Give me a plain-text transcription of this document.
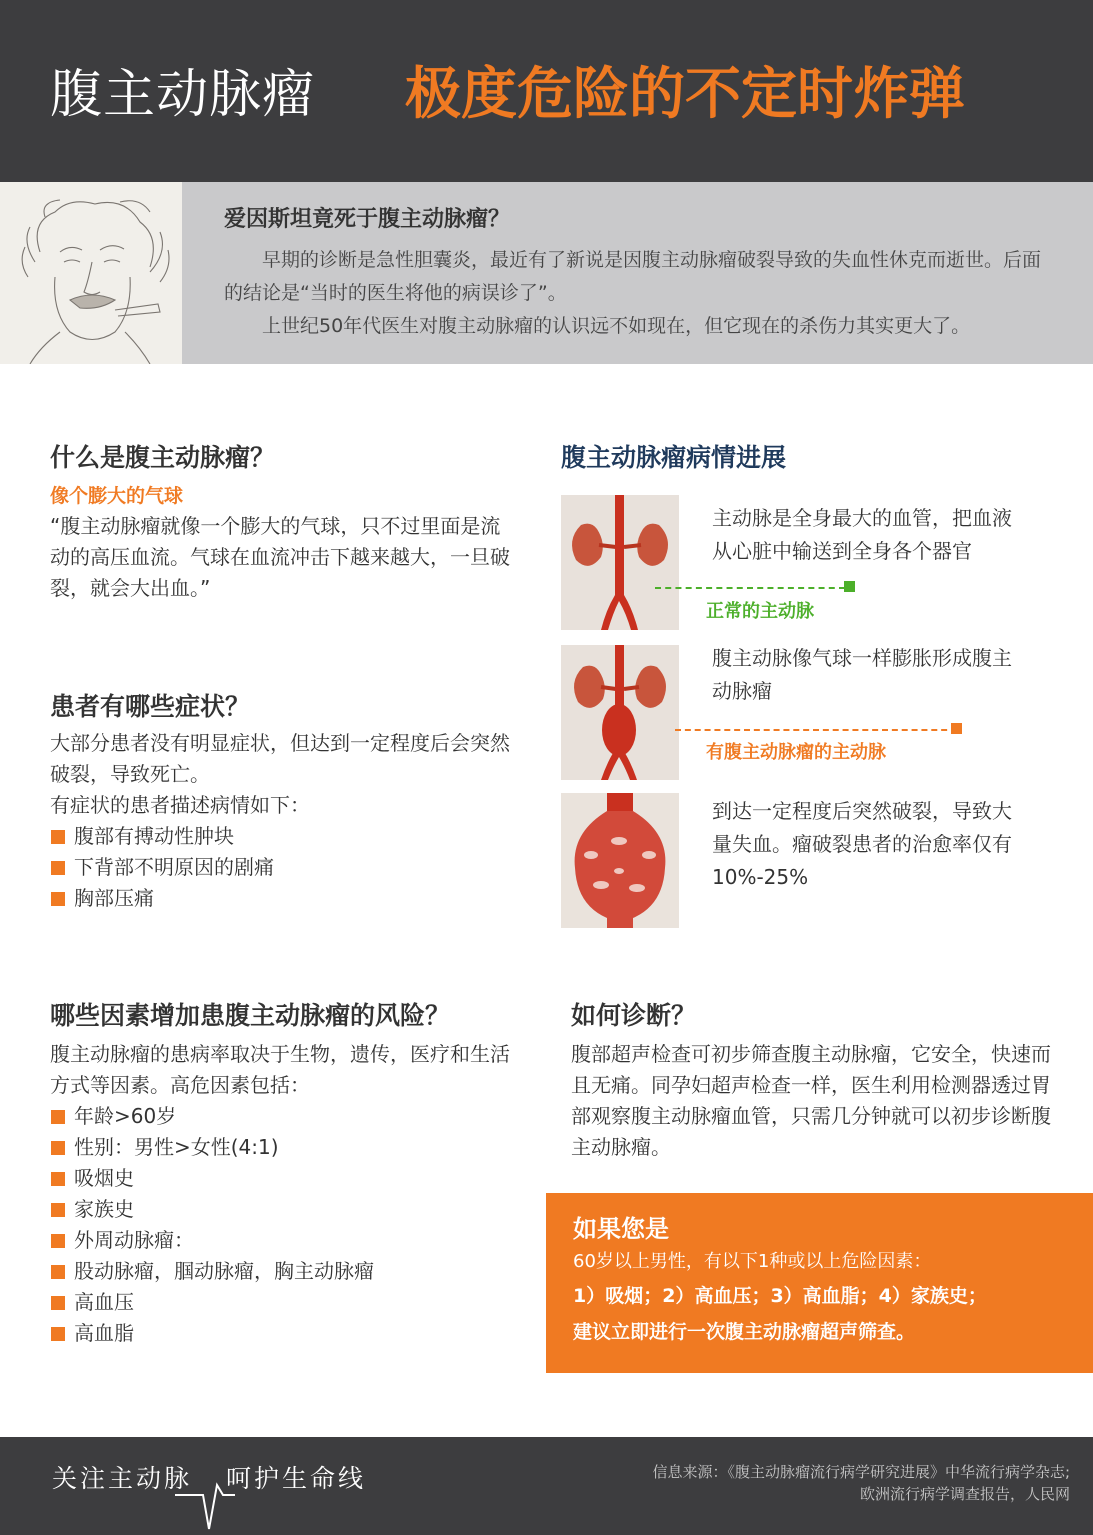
腹主动脉瘤 极度危险的不定时炸弹
爱因斯坦竟死于腹主动脉瘤？

早期的诊断是急性胆囊炎，最近有了新说是因腹主动脉瘤破裂导致的失血性休克而逝世。后面的结论是“当时的医生将他的病误诊了”。

上世纪50年代医生对腹主动脉瘤的认识远不如现在，但它现在的杀伤力其实更大了。

什么是腹主动脉瘤？
像个膨大的气球
“腹主动脉瘤就像一个膨大的气球，只不过里面是流动的高压血流。气球在血流冲击下越来越大，一旦破裂，就会大出血。”
患者有哪些症状？
大部分患者没有明显症状，但达到一定程度后会突然破裂，导致死亡。
有症状的患者描述病情如下：
腹部有搏动性肿块
下背部不明原因的剧痛
胸部压痛
哪些因素增加患腹主动脉瘤的风险？
腹主动脉瘤的患病率取决于生物，遗传，医疗和生活方式等因素。高危因素包括：
年龄>60岁
性别：男性>女性(4:1)
吸烟史
家族史
外周动脉瘤：
股动脉瘤，腘动脉瘤，胸主动脉瘤
高血压
高血脂
腹主动脉瘤病情进展
主动脉是全身最大的血管，把血液从心脏中输送到全身各个器官
正常的主动脉
腹主动脉像气球一样膨胀形成腹主动脉瘤
有腹主动脉瘤的主动脉
到达一定程度后突然破裂，导致大量失血。瘤破裂患者的治愈率仅有10%-25%
如何诊断？
腹部超声检查可初步筛查腹主动脉瘤，它安全，快速而且无痛。同孕妇超声检查一样，医生利用检测器透过胃部观察腹主动脉瘤血管，只需几分钟就可以初步诊断腹主动脉瘤。
如果您是
60岁以上男性，有以下1种或以上危险因素：
1）吸烟；2）高血压；3）高血脂；4）家族史；
建议立即进行一次腹主动脉瘤超声筛查。
关注主动脉 呵护生命线	信息来源：《腹主动脉瘤流行病学研究进展》中华流行病学杂志;
欧洲流行病学调查报告，人民网
